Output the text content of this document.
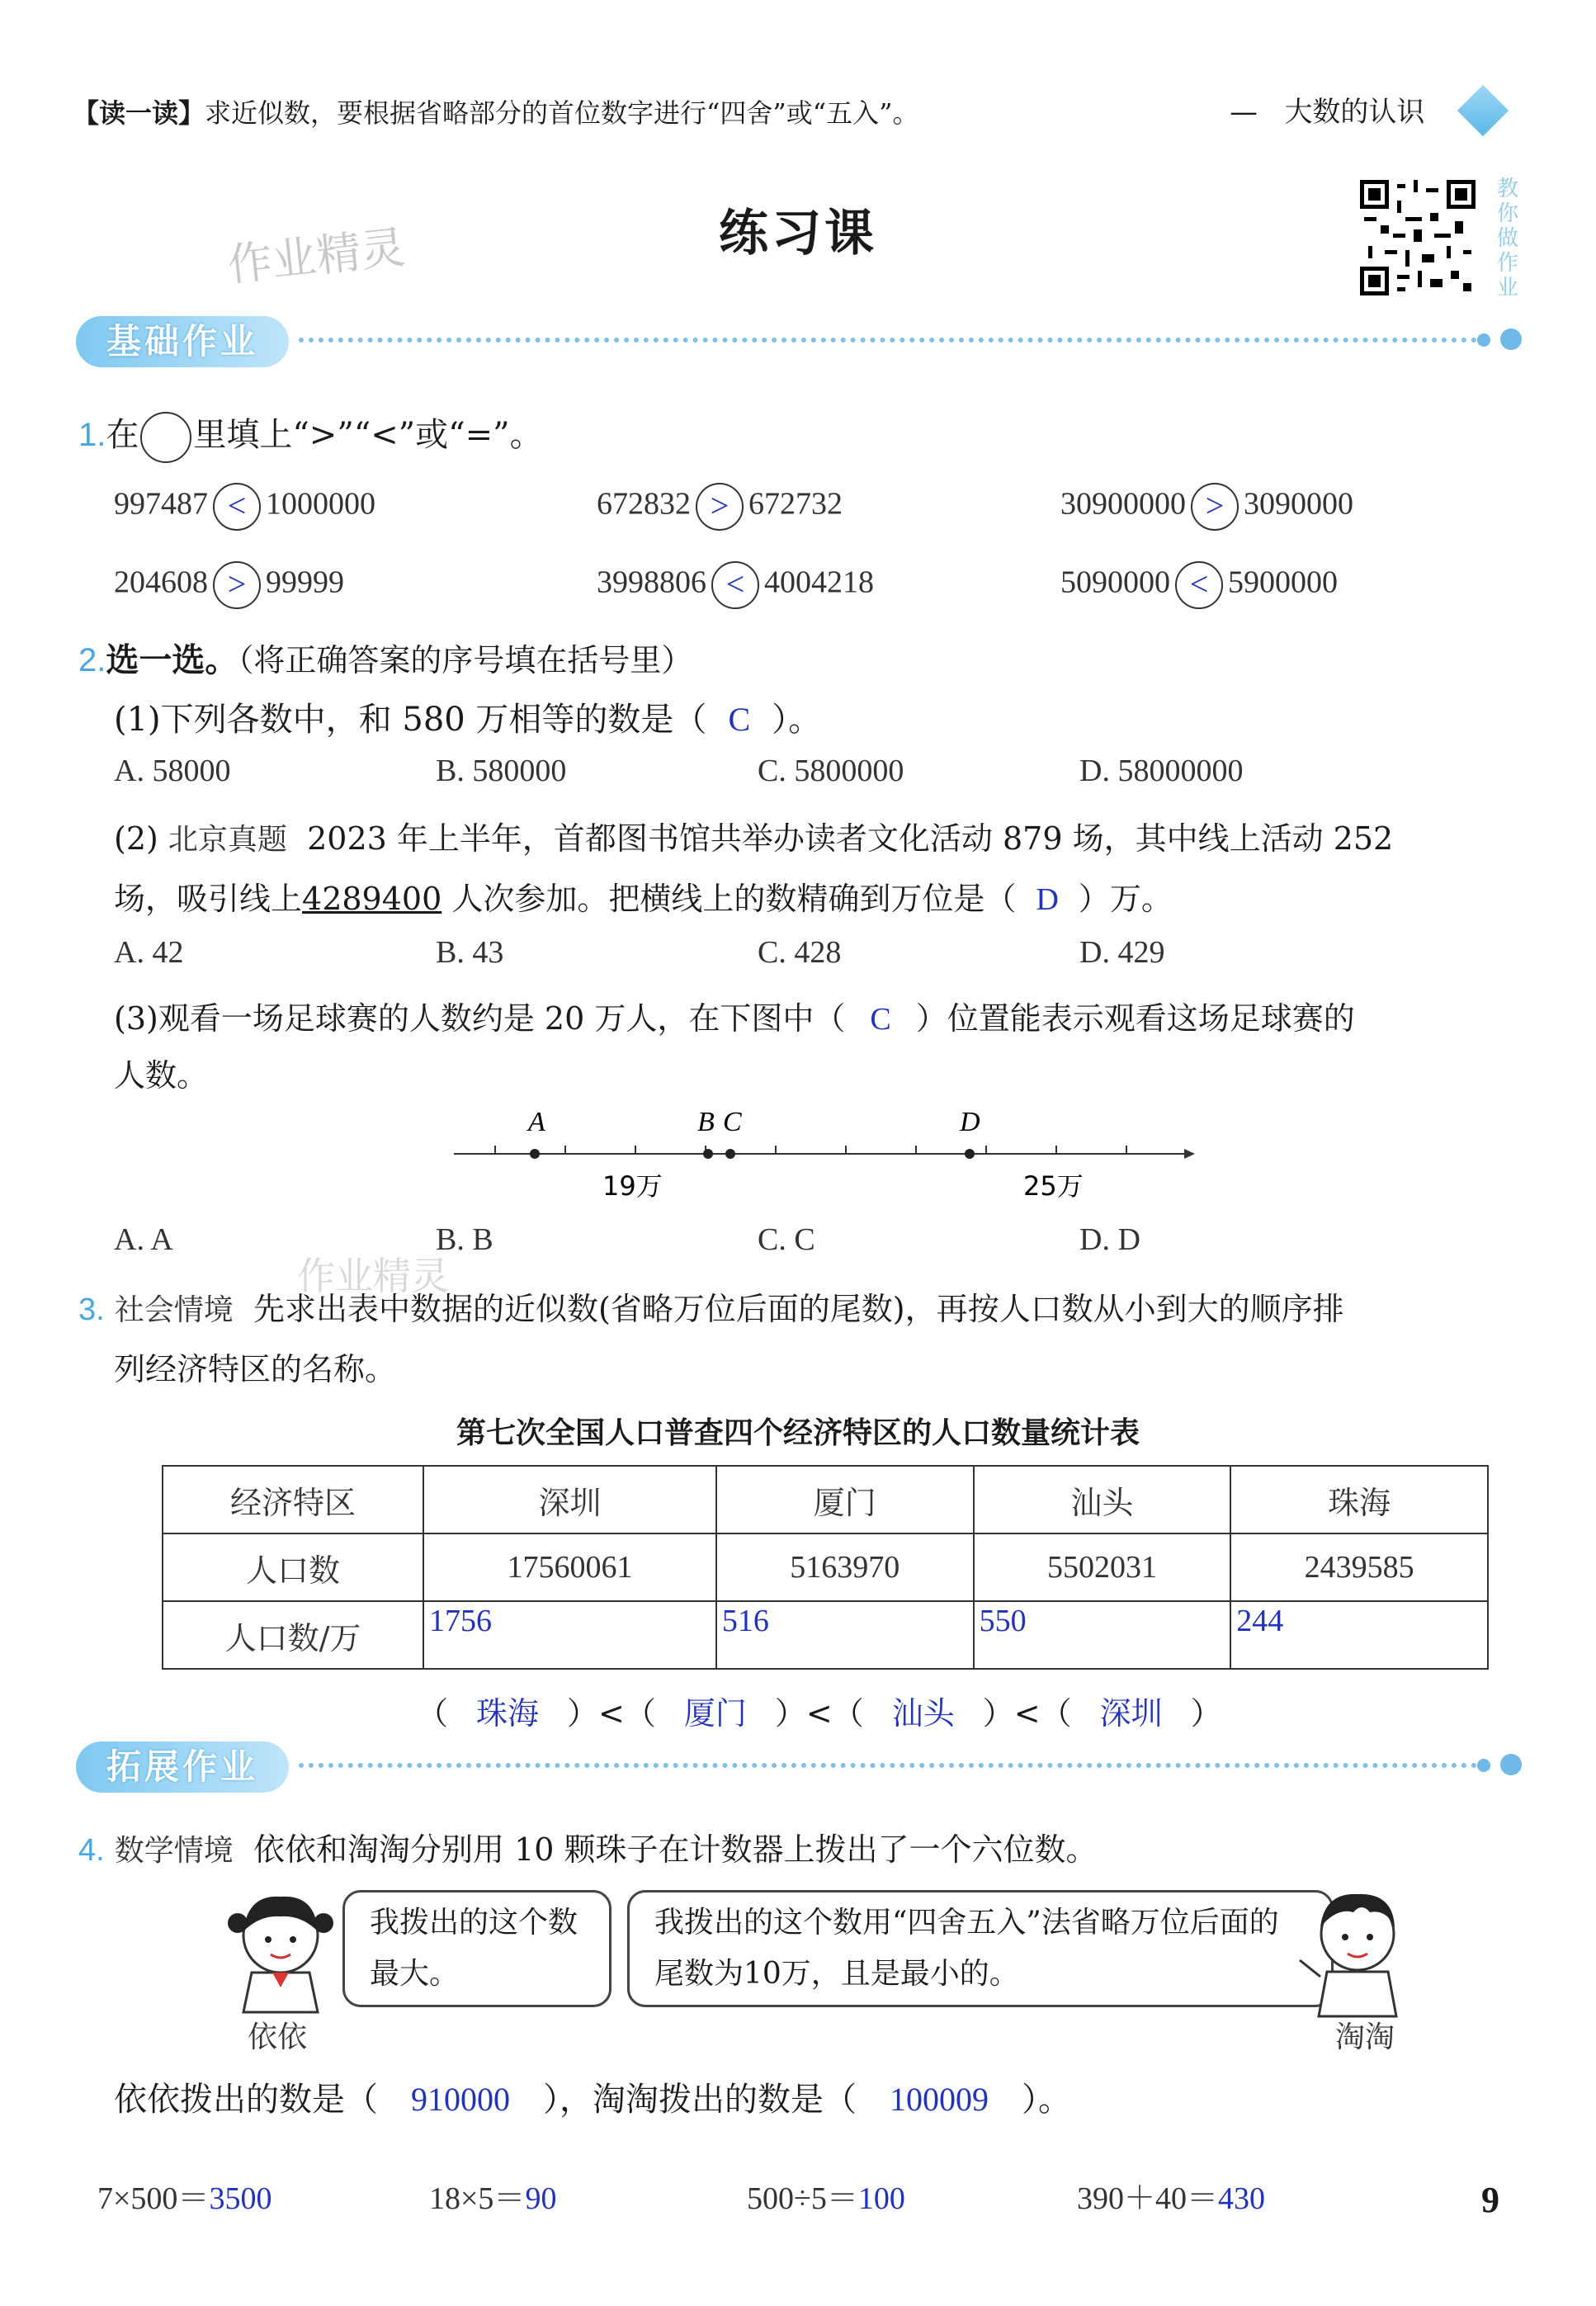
【读一读】求近似数，要根据省略部分的首位数字进行“四舍”或“五入”。	— 大数的认识
作业精灵	练习课
教你做作业
基础作业
1.在 里填上“>”“<”或“=”。
997487 < 1000000	672832 > 672732	30900000 > 3090000
204608 > 99999	3998806 < 4004218	5090000 < 5900000
2.选一选。（将正确答案的序号填在括号里）
(1)下列各数中，和 580 万相等的数是（ C ）。
A. 58000	B. 580000	C. 5800000	D. 58000000
(2) 北京真题 2023 年上半年，首都图书馆共举办读者文化活动 879 场，其中线上活动 252
场，吸引线上4289400 人次参加。把横线上的数精确到万位是（ D ）万。
A. 42	B. 43	C. 428	D. 429
(3)观看一场足球赛的人数约是 20 万人，在下图中（ C ）位置能表示观看这场足球赛的
人数。
A	B C	D
19万	25万
A. A	B. B	C. C	D. D
作业精灵
3. 社会情境 先求出表中数据的近似数(省略万位后面的尾数)，再按人口数从小到大的顺序排
列经济特区的名称。
第七次全国人口普查四个经济特区的人口数量统计表
经济特区	深圳	厦门	汕头	珠海
人口数	17560061	5163970	5502031	2439585
人口数/万	1756	516	550	244
（ 珠海 ）<（ 厦门 ）<（ 汕头 ）<（ 深圳 ）
拓展作业
4. 数学情境 依依和淘淘分别用 10 颗珠子在计数器上拨出了一个六位数。
依依
我拨出的这个数最大。
我拨出的这个数用“四舍五入”法省略万位后面的尾数为10万，且是最小的。
淘淘
依依拨出的数是（ 910000 ），淘淘拨出的数是（ 100009 ）。
7×500＝3500	18×5＝90	500÷5＝100	390＋40＝430	9
